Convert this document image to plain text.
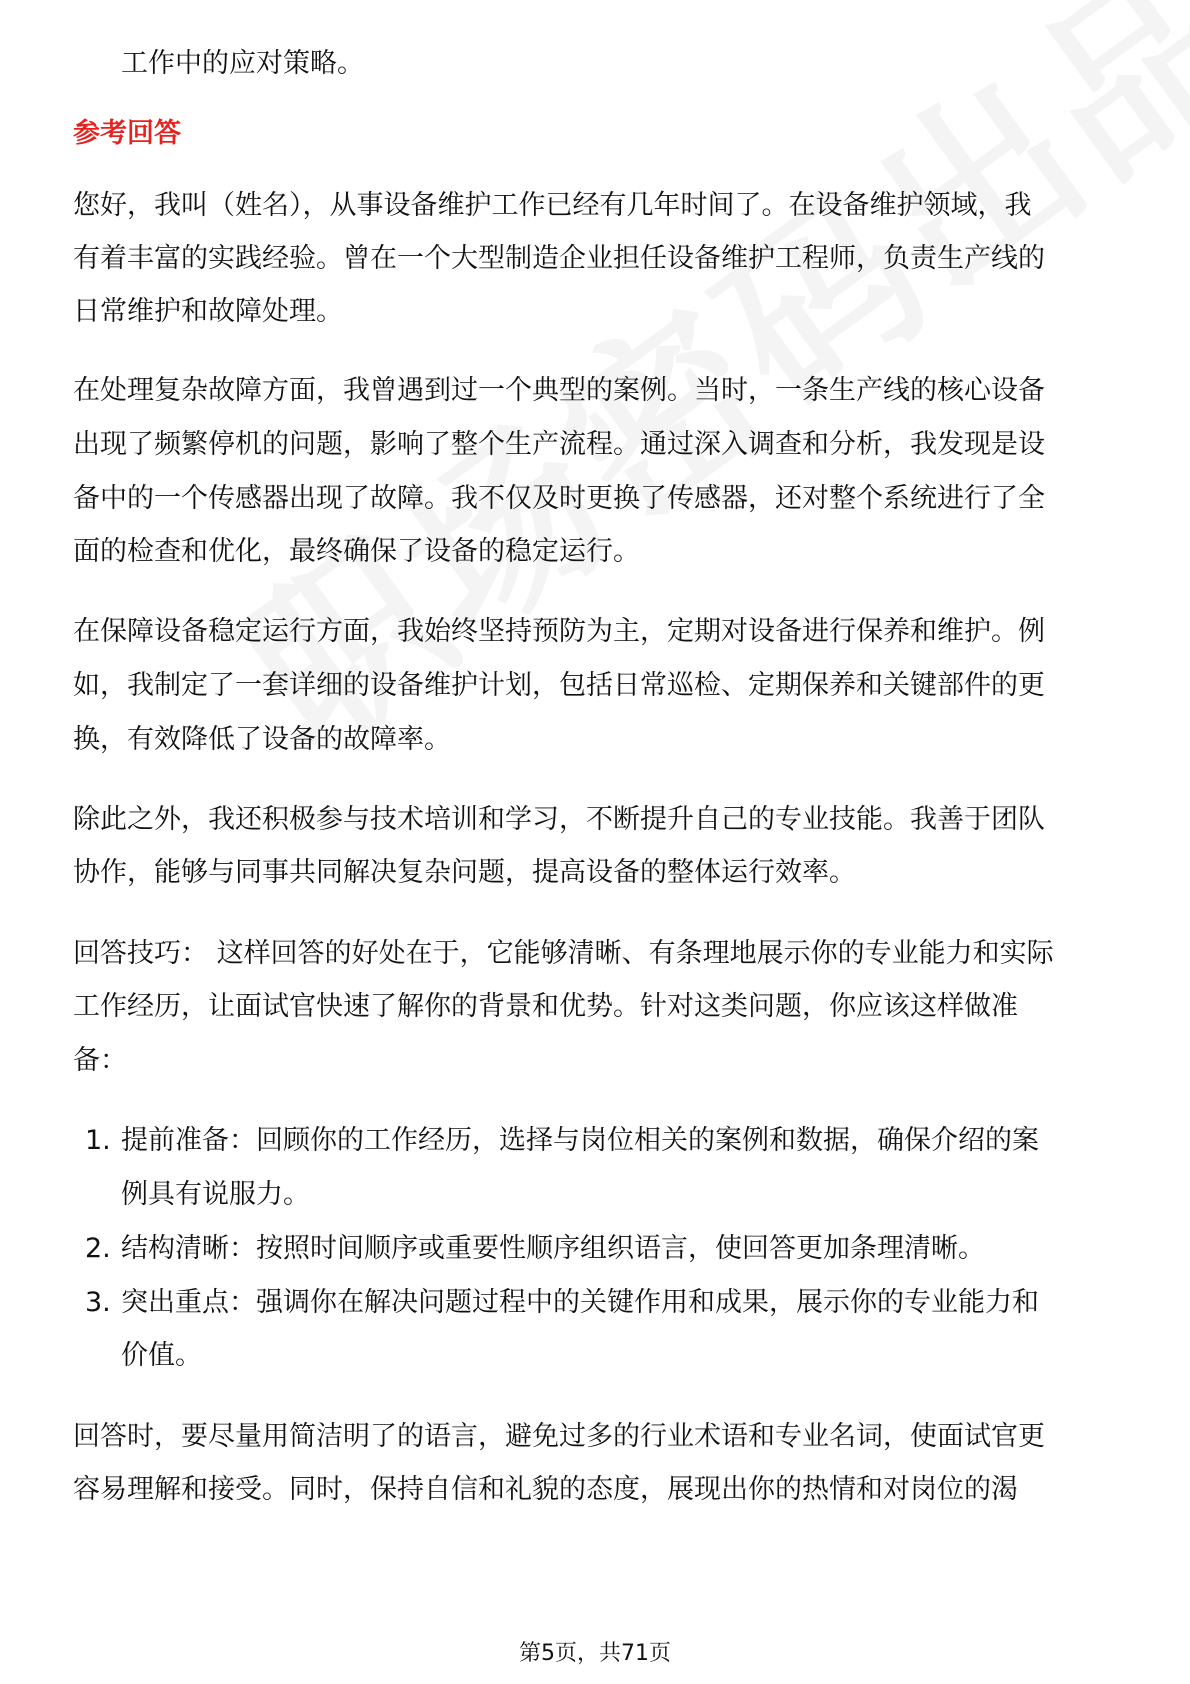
工作中的应对策略。
参考回答
您好，我叫（姓名），从事设备维护工作已经有几年时间了。在设备维护领域，我
有着丰富的实践经验。曾在一个大型制造企业担任设备维护工程师，负责生产线的
日常维护和故障处理。
在处理复杂故障方面，我曾遇到过一个典型的案例。当时，一条生产线的核心设备
出现了频繁停机的问题，影响了整个生产流程。通过深入调查和分析，我发现是设
备中的一个传感器出现了故障。我不仅及时更换了传感器，还对整个系统进行了全
面的检查和优化，最终确保了设备的稳定运行。
在保障设备稳定运行方面，我始终坚持预防为主，定期对设备进行保养和维护。例
如，我制定了一套详细的设备维护计划，包括日常巡检、定期保养和关键部件的更
换，有效降低了设备的故障率。
除此之外，我还积极参与技术培训和学习，不断提升自己的专业技能。我善于团队
协作，能够与同事共同解决复杂问题，提高设备的整体运行效率。
回答技巧： 这样回答的好处在于，它能够清晰、有条理地展示你的专业能力和实际
工作经历，让面试官快速了解你的背景和优势。针对这类问题，你应该这样做准
备：
1. 提前准备：回顾你的工作经历，选择与岗位相关的案例和数据，确保介绍的案
例具有说服力。
2. 结构清晰：按照时间顺序或重要性顺序组织语言，使回答更加条理清晰。
3. 突出重点：强调你在解决问题过程中的关键作用和成果，展示你的专业能力和
价值。
回答时，要尽量用简洁明了的语言，避免过多的行业术语和专业名词，使面试官更
容易理解和接受。同时，保持自信和礼貌的态度，展现出你的热情和对岗位的渴
第5页，共71页
